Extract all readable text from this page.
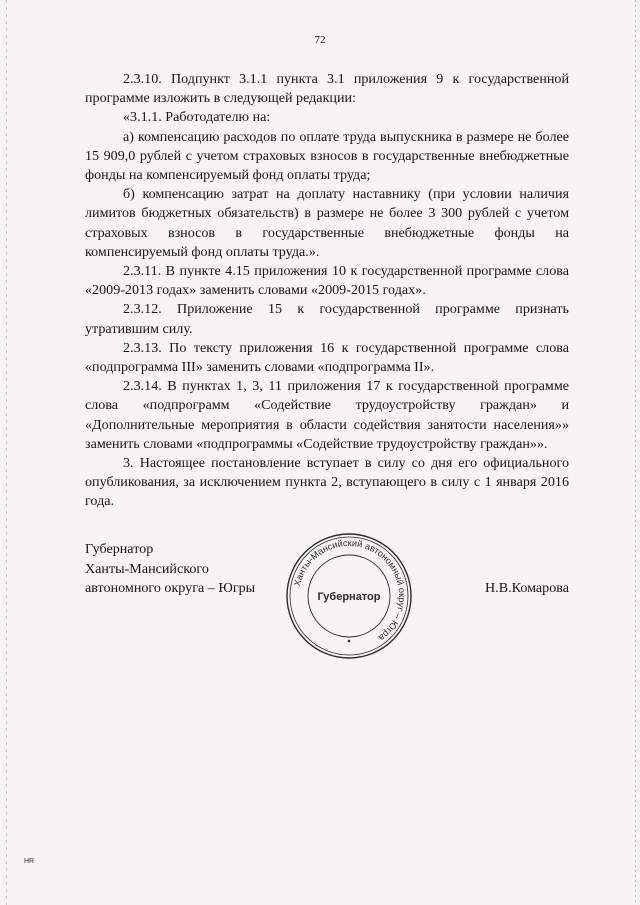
72

2.3.10. Подпункт 3.1.1 пункта 3.1 приложения 9 к государственной программе изложить в следующей редакции:

«3.1.1. Работодателю на:

а) компенсацию расходов по оплате труда выпускника в размере не более 15 909,0 рублей с учетом страховых взносов в государственные внебюджетные фонды на компенсируемый фонд оплаты труда;

б) компенсацию затрат на доплату наставнику (при условии наличия лимитов бюджетных обязательств) в размере не более 3 300 рублей с учетом страховых взносов в государственные внебюджетные фонды на компенсируемый фонд оплаты труда.».

2.3.11. В пункте 4.15 приложения 10 к государственной программе слова «2009-2013 годах» заменить словами «2009-2015 годах».

2.3.12. Приложение 15 к государственной программе признать утратившим силу.

2.3.13. По тексту приложения 16 к государственной программе слова «подпрограмма III» заменить словами «подпрограмма II».

2.3.14. В пунктах 1, 3, 11 приложения 17 к государственной программе слова «подпрограмм «Содействие трудоустройству граждан» и «Дополнительные мероприятия в области содействия занятости населения»» заменить словами «подпрограммы «Содействие трудоустройству граждан»».

3. Настоящее постановление вступает в силу со дня его официального опубликования, за исключением пункта 2, вступающего в силу с 1 января 2016 года.

Губернатор
Ханты-Мансийского
автономного округа – Югры	Н.В.Комарова
Ханты-Мансийский автономный округ – Югра
Губернатор
HR
